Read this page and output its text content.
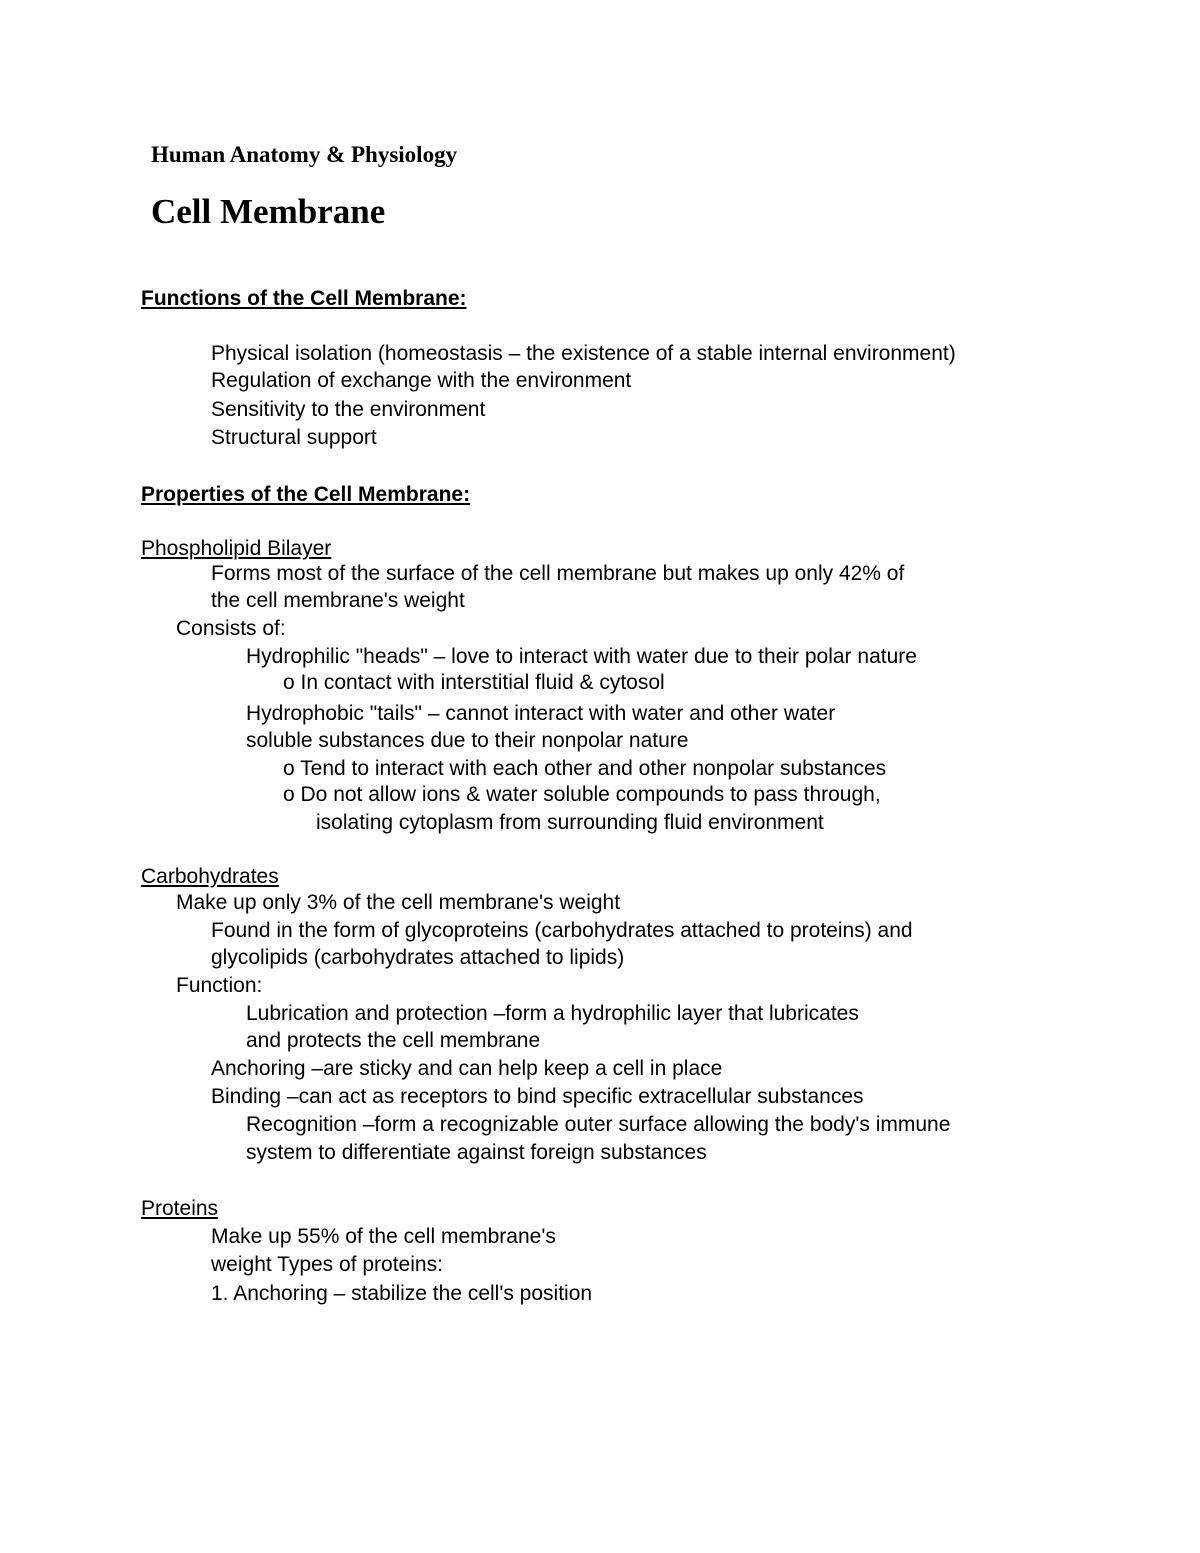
Human Anatomy & Physiology
Cell Membrane
Functions of the Cell Membrane:
Physical isolation (homeostasis – the existence of a stable internal environment)
Regulation of exchange with the environment
Sensitivity to the environment
Structural support
Properties of the Cell Membrane:
Phospholipid Bilayer
Forms most of the surface of the cell membrane but makes up only 42% of
the cell membrane's weight
Consists of:
Hydrophilic "heads" – love to interact with water due to their polar nature
o In contact with interstitial fluid & cytosol
Hydrophobic "tails" – cannot interact with water and other water
soluble substances due to their nonpolar nature
o Tend to interact with each other and other nonpolar substances
o Do not allow ions & water soluble compounds to pass through,
isolating cytoplasm from surrounding fluid environment
Carbohydrates
Make up only 3% of the cell membrane's weight
Found in the form of glycoproteins (carbohydrates attached to proteins) and
glycolipids (carbohydrates attached to lipids)
Function:
Lubrication and protection –form a hydrophilic layer that lubricates
and protects the cell membrane
Anchoring –are sticky and can help keep a cell in place
Binding –can act as receptors to bind specific extracellular substances
Recognition –form a recognizable outer surface allowing the body's immune
system to differentiate against foreign substances
Proteins
Make up 55% of the cell membrane's
weight Types of proteins:
1. Anchoring – stabilize the cell's position
